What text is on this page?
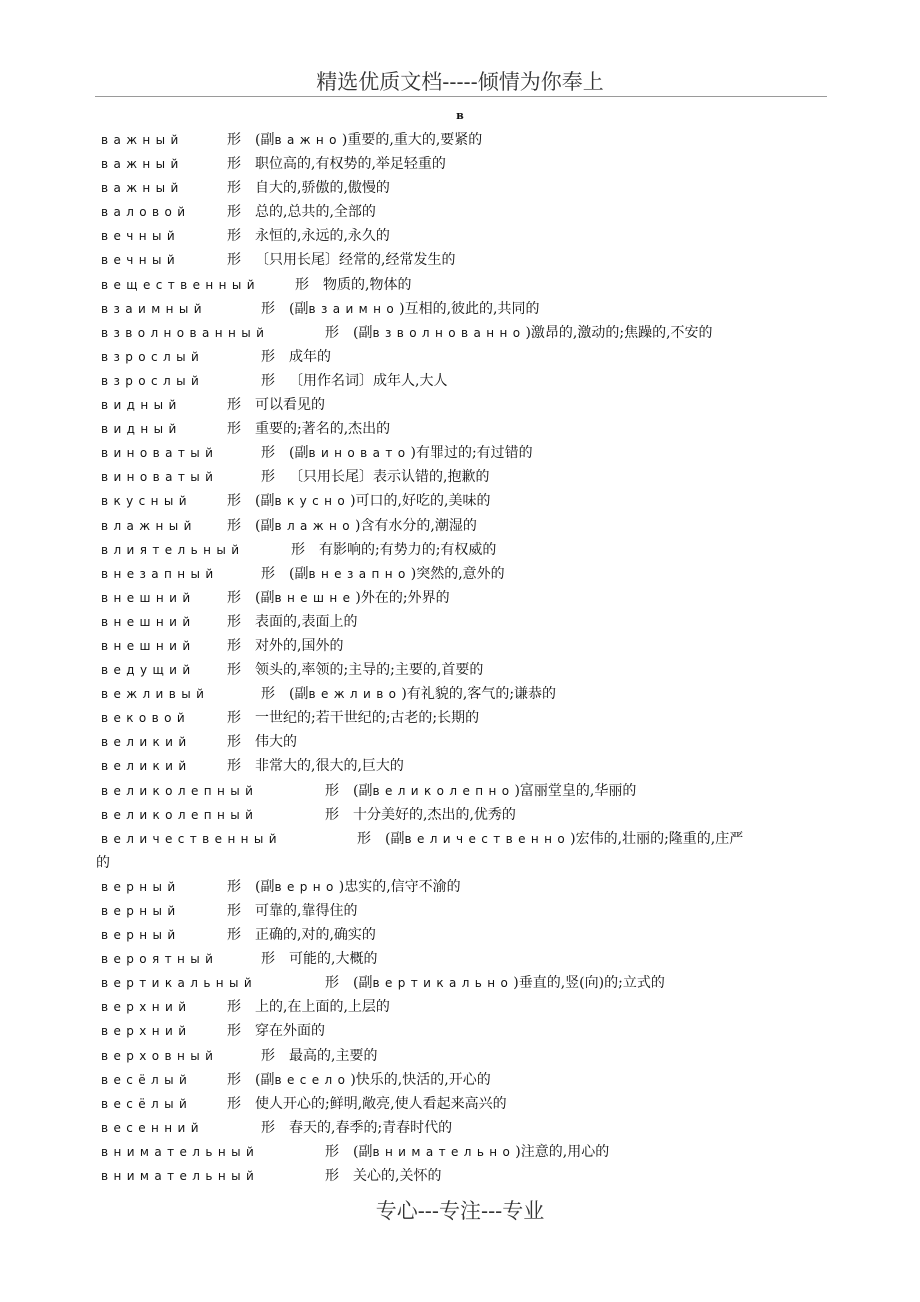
精选优质文档-----倾情为你奉上
в
важный	形 (副важно)重要的,重大的,要紧的
важный	形 职位高的,有权势的,举足轻重的
важный	形 自大的,骄傲的,傲慢的
валовой	形 总的,总共的,全部的
вечный	形 永恒的,永远的,永久的
вечный	形 〔只用长尾〕经常的,经常发生的
вещественный	形 物质的,物体的
взаимный	形 (副взаимно)互相的,彼此的,共同的
взволнованный	形 (副взволнованно)激昂的,激动的;焦躁的,不安的
взрослый	形 成年的
взрослый	形 〔用作名词〕成年人,大人
видный	形 可以看见的
видный	形 重要的;著名的,杰出的
виноватый	形 (副виновато)有罪过的;有过错的
виноватый	形 〔只用长尾〕表示认错的,抱歉的
вкусный	形 (副вкусно)可口的,好吃的,美味的
влажный 形 (副влажно)含有水分的,潮湿的
влиятельный	形 有影响的;有势力的;有权威的
внезапный	形 (副внезапно)突然的,意外的
внешний 形 (副внешне)外在的;外界的
внешний 形 表面的,表面上的
внешний 形 对外的,国外的
ведущий 形 领头的,率领的;主导的;主要的,首要的
вежливый	形 (副вежливо)有礼貌的,客气的;谦恭的
вековой	形 一世纪的;若干世纪的;古老的;长期的
великий	形 伟大的
великий	形 非常大的,很大的,巨大的
великолепный	形 (副великолепно)富丽堂皇的,华丽的
великолепный	形 十分美好的,杰出的,优秀的
величественный	形 (副величественно)宏伟的,壮丽的;隆重的,庄严
的
верный	形 (副верно)忠实的,信守不渝的
верный	形 可靠的,靠得住的
верный	形 正确的,对的,确实的
вероятный	形 可能的,大概的
вертикальный	形 (副вертикально)垂直的,竖(向)的;立式的
верхний	形 上的,在上面的,上层的
верхний	形 穿在外面的
верховный	形 最高的,主要的
весёлый 形 (副весело)快乐的,快活的,开心的
весёлый 形 使人开心的;鲜明,敞亮,使人看起来高兴的
весенний	形 春天的,春季的;青春时代的
внимательный	形 (副внимательно)注意的,用心的
внимательный	形 关心的,关怀的
专心---专注---专业
